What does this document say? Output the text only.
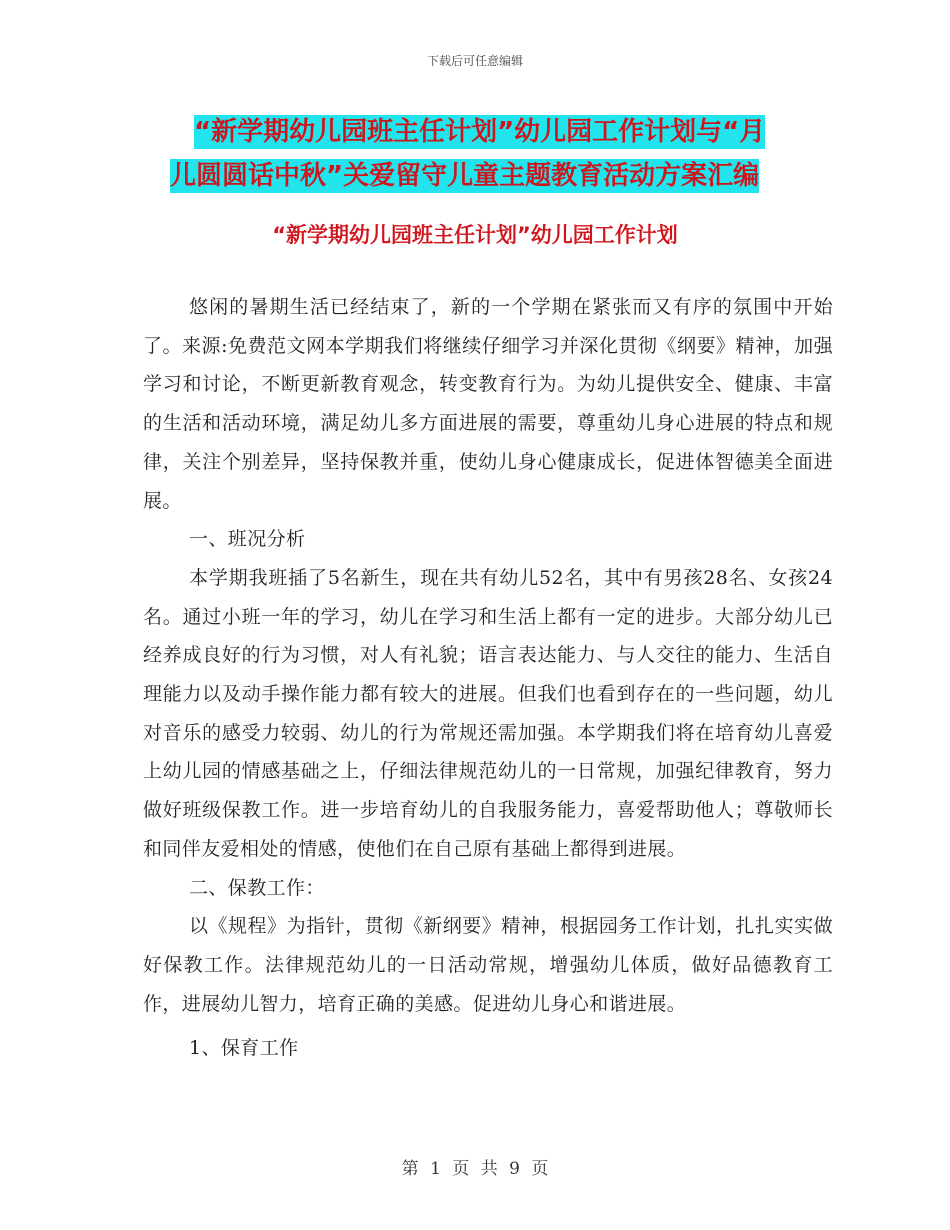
下载后可任意编辑
“新学期幼儿园班主任计划”幼儿园工作计划与“月
儿圆圆话中秋”关爱留守儿童主题教育活动方案汇编
“新学期幼儿园班主任计划”幼儿园工作计划

悠闲的暑期生活已经结束了，新的一个学期在紧张而又有序的氛围中开始了。来源:免费范文网本学期我们将继续仔细学习并深化贯彻《纲要》精神，加强学习和讨论，不断更新教育观念，转变教育行为。为幼儿提供安全、健康、丰富的生活和活动环境，满足幼儿多方面进展的需要，尊重幼儿身心进展的特点和规律，关注个别差异，坚持保教并重，使幼儿身心健康成长，促进体智德美全面进展。

一、班况分析

本学期我班插了5名新生，现在共有幼儿52名，其中有男孩28名、女孩24名。通过小班一年的学习，幼儿在学习和生活上都有一定的进步。大部分幼儿已经养成良好的行为习惯，对人有礼貌；语言表达能力、与人交往的能力、生活自理能力以及动手操作能力都有较大的进展。但我们也看到存在的一些问题，幼儿对音乐的感受力较弱、幼儿的行为常规还需加强。本学期我们将在培育幼儿喜爱上幼儿园的情感基础之上，仔细法律规范幼儿的一日常规，加强纪律教育，努力做好班级保教工作。进一步培育幼儿的自我服务能力，喜爱帮助他人；尊敬师长和同伴友爱相处的情感，使他们在自己原有基础上都得到进展。

二、保教工作：

以《规程》为指针，贯彻《新纲要》精神，根据园务工作计划，扎扎实实做好保教工作。法律规范幼儿的一日活动常规，增强幼儿体质，做好品德教育工作，进展幼儿智力，培育正确的美感。促进幼儿身心和谐进展。

1、保育工作

第 1 页 共 9 页
